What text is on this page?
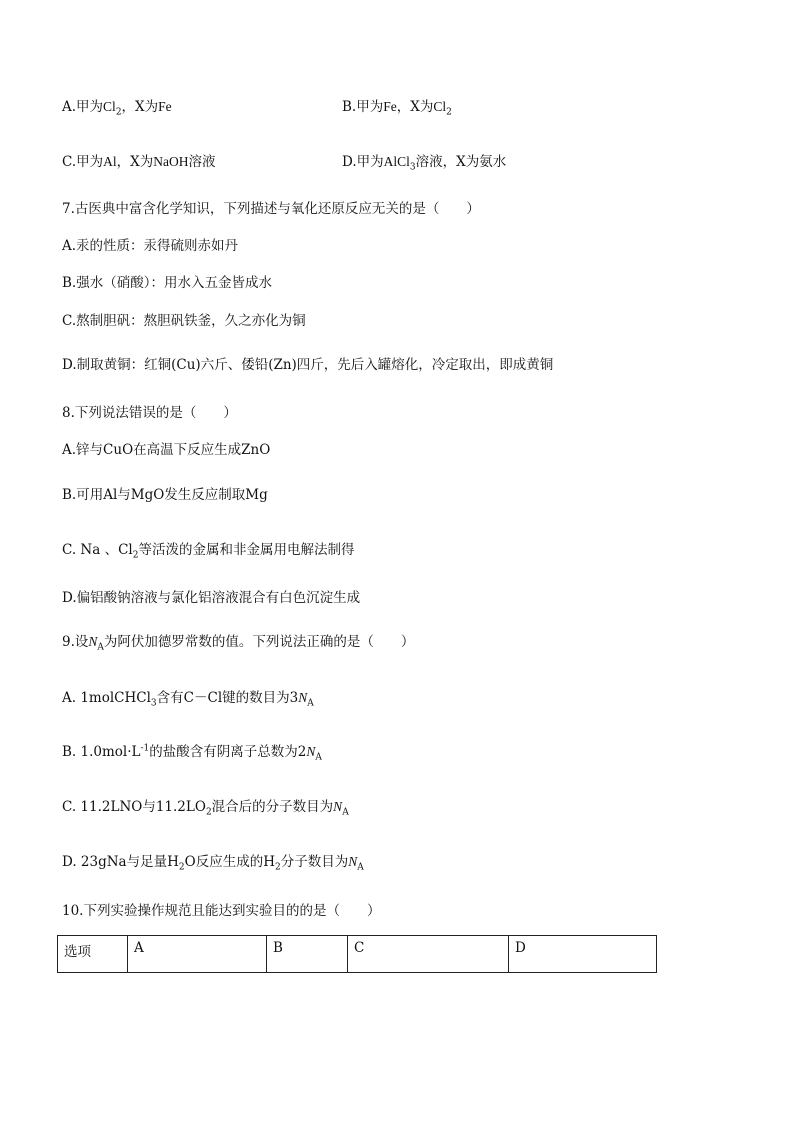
A.甲为$Cl_2$，X为Fe	B.甲为Fe，X为$Cl_2$
C.甲为Al，X为NaOH溶液	D.甲为AlCl$_3$溶液，X为氨水
7.古医典中富含化学知识，下列描述与氧化还原反应无关的是（　　）
A.汞的性质：汞得硫则赤如丹
B.强水（硝酸）：用水入五金皆成水
C.熬制胆矾：熬胆矾铁釜，久之亦化为铜
D.制取黄铜：红铜(Cu)六斤、倭铅(Zn)四斤，先后入罐熔化，冷定取出，即成黄铜
8.下列说法错误的是（　　）
A.锌与CuO在高温下反应生成ZnO
B.可用Al与MgO发生反应制取Mg
C. Na 、$Cl_2$等活泼的金属和非金属用电解法制得
D.偏铝酸钠溶液与氯化铝溶液混合有白色沉淀生成
9.设$N_A$为阿伏加德罗常数的值。下列说法正确的是（　　）
A. 1molCHCl$_3$含有C－Cl键的数目为$3N_A$
B. $1.0mol\cdot L^{-1}$的盐酸含有阴离子总数为$2N_A$
C. 11.2LNO与$11.2LO_2$混合后的分子数目为$N_A$
D. 23gNa与足量$H_2O$反应生成的$H_2$分子数目为$N_A$
10.下列实验操作规范且能达到实验目的的是（　　）
选项	A	B	C	D
